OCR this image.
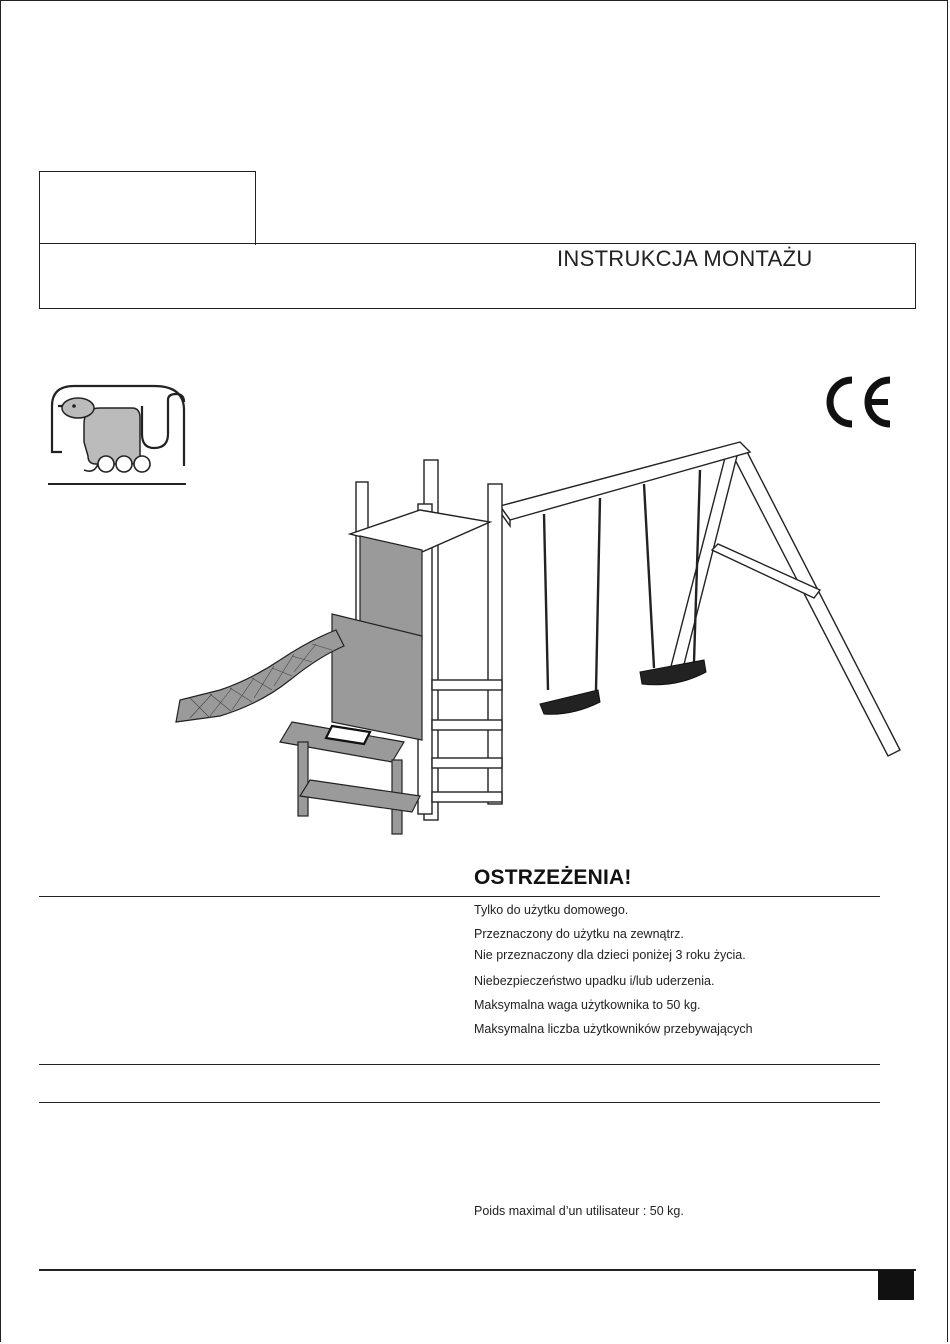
INSTRUKCJA MONTAŻU
OSTRZEŻENIA!
Tylko do użytku domowego.
Przeznaczony do użytku na zewnątrz.
Nie przeznaczony dla dzieci poniżej 3 roku życia.
Niebezpieczeństwo upadku i/lub uderzenia.
Maksymalna waga użytkownika to 50 kg.
Maksymalna liczba użytkowników przebywających
Poids maximal d’un utilisateur : 50 kg.
